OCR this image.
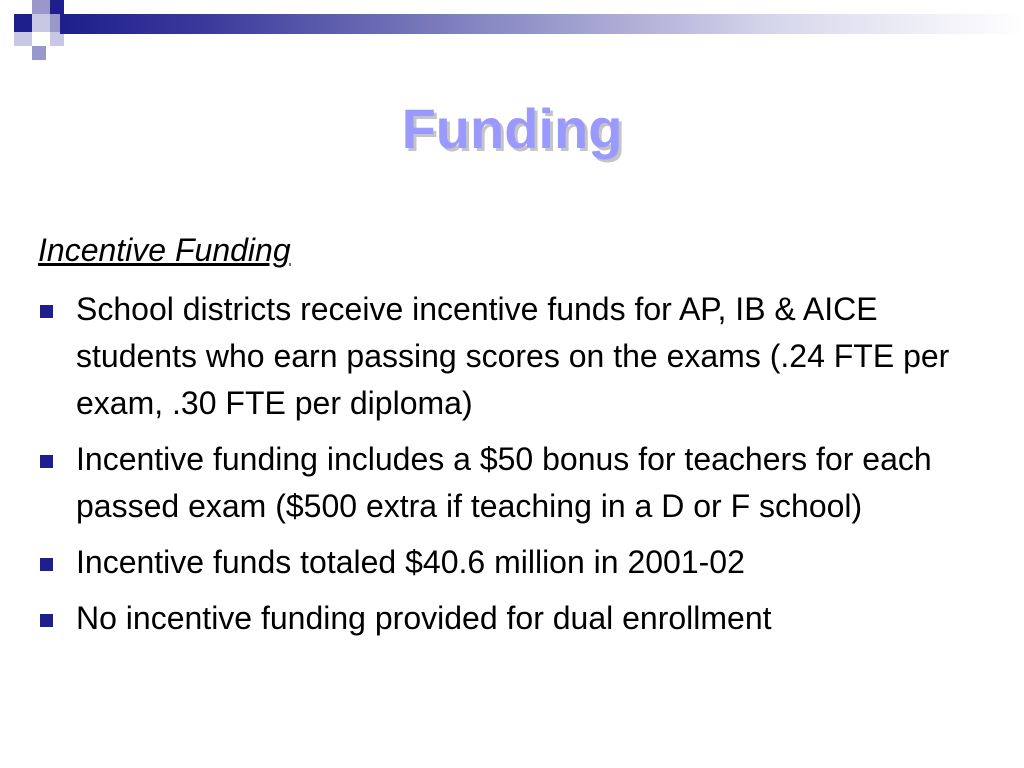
Funding
Incentive Funding
School districts receive incentive funds for AP, IB & AICE students who earn passing scores on the exams (.24 FTE per exam, .30 FTE per diploma)
Incentive funding includes a $50 bonus for teachers for each passed exam ($500 extra if teaching in a D or F school)
Incentive funds totaled $40.6 million in 2001-02
No incentive funding provided for dual enrollment
